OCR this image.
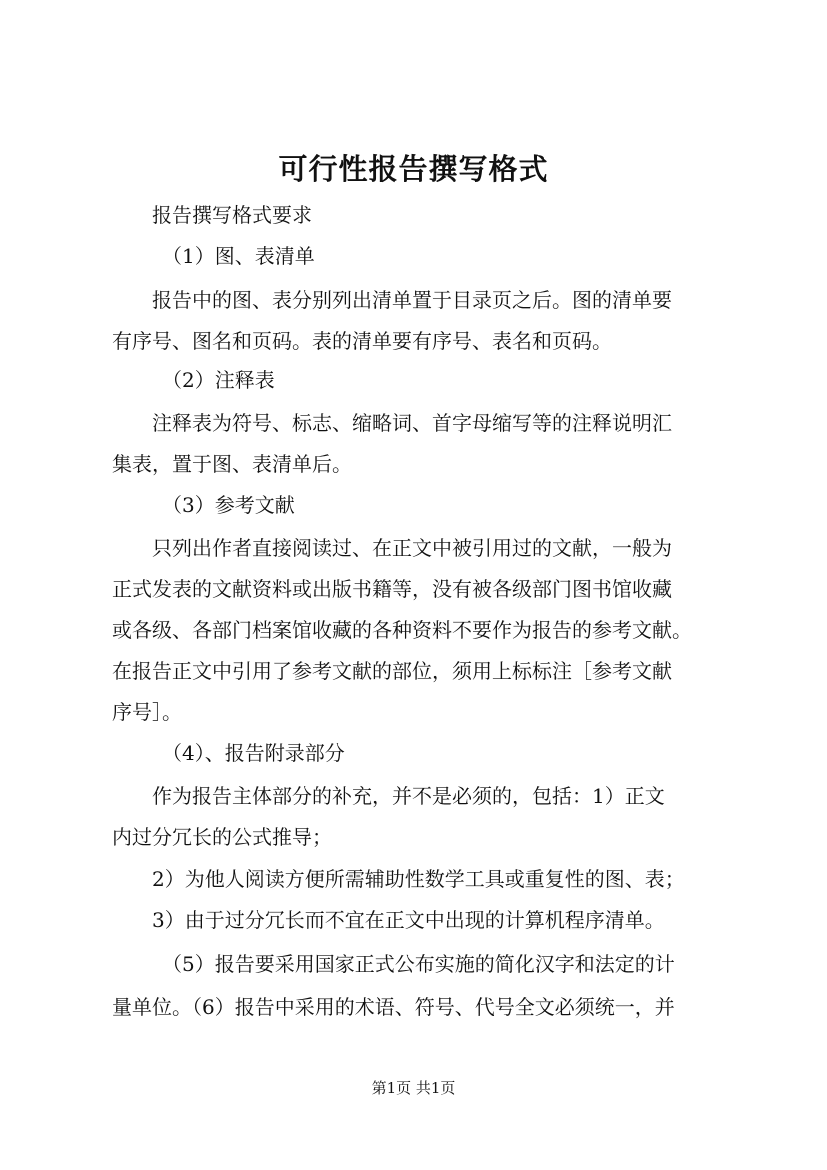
可行性报告撰写格式
报告撰写格式要求
（1）图、表清单
报告中的图、表分别列出清单置于目录页之后。图的清单要
有序号、图名和页码。表的清单要有序号、表名和页码。
（2）注释表
注释表为符号、标志、缩略词、首字母缩写等的注释说明汇
集表，置于图、表清单后。
（3）参考文献
只列出作者直接阅读过、在正文中被引用过的文献，一般为
正式发表的文献资料或出版书籍等，没有被各级部门图书馆收藏
或各级、各部门档案馆收藏的各种资料不要作为报告的参考文献。
在报告正文中引用了参考文献的部位，须用上标标注［参考文献
序号］。
（4）、报告附录部分
作为报告主体部分的补充，并不是必须的，包括：1）正文
内过分冗长的公式推导；
2）为他人阅读方便所需辅助性数学工具或重复性的图、表；
3）由于过分冗长而不宜在正文中出现的计算机程序清单。
（5）报告要采用国家正式公布实施的简化汉字和法定的计
量单位。（6）报告中采用的术语、符号、代号全文必须统一，并
第1页 共1页
